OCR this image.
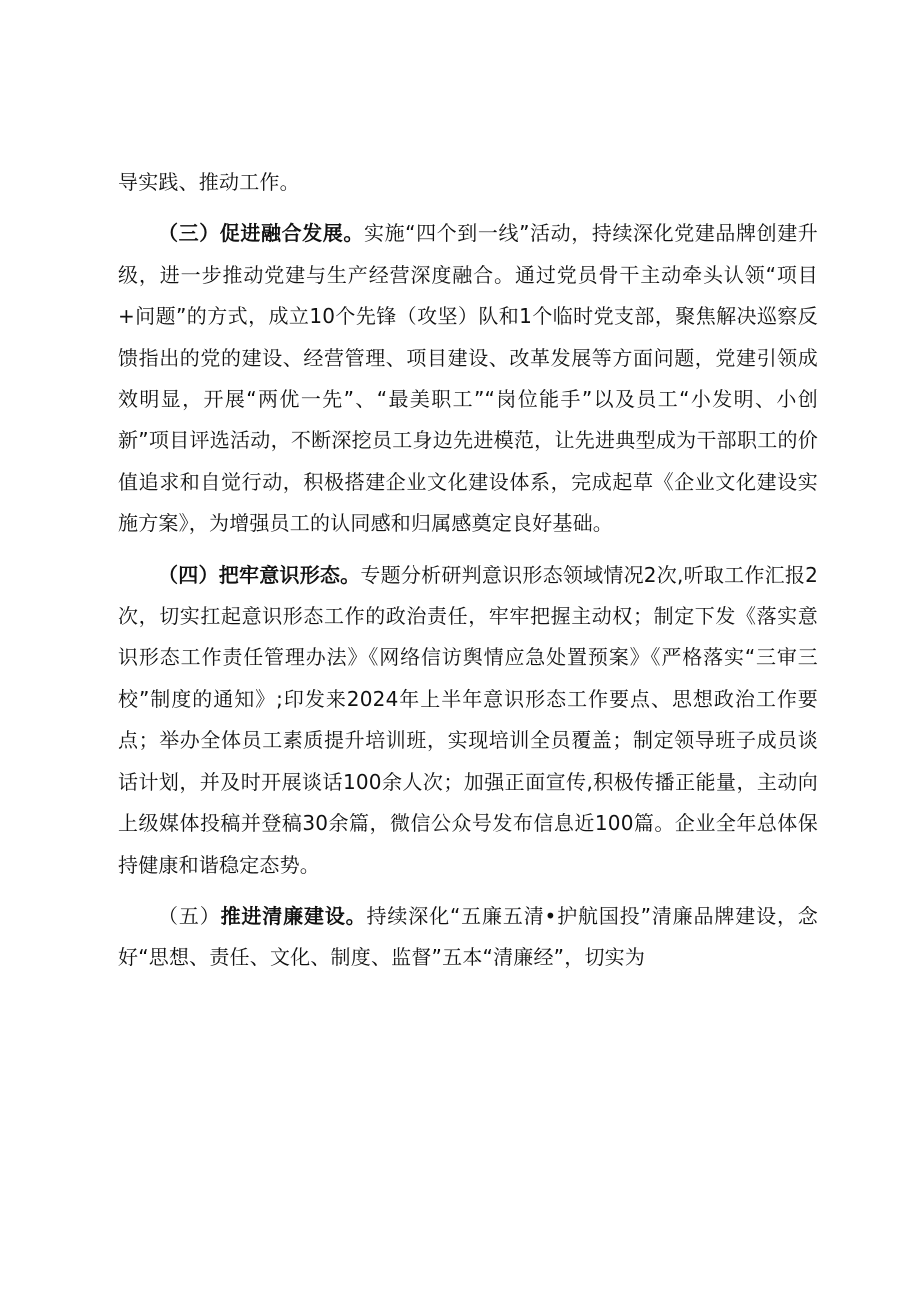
导实践、推动工作。

（三）促进融合发展。实施“四个到一线”活动，持续深化党建品牌创建升级，进一步推动党建与生产经营深度融合。通过党员骨干主动牵头认领“项目+问题”的方式，成立10个先锋（攻坚）队和1个临时党支部，聚焦解决巡察反馈指出的党的建设、经营管理、项目建设、改革发展等方面问题，党建引领成效明显，开展“两优一先”、“最美职工”“岗位能手”以及员工“小发明、小创新”项目评选活动，不断深挖员工身边先进模范，让先进典型成为干部职工的价值追求和自觉行动，积极搭建企业文化建设体系，完成起草《企业文化建设实施方案》，为增强员工的认同感和归属感奠定良好基础。

（四）把牢意识形态。专题分析研判意识形态领域情况2次,听取工作汇报2次，切实扛起意识形态工作的政治责任，牢牢把握主动权；制定下发《落实意识形态工作责任管理办法》《网络信访舆情应急处置预案》《严格落实“三审三校”制度的通知》;印发来2024年上半年意识形态工作要点、思想政治工作要点；举办全体员工素质提升培训班，实现培训全员覆盖；制定领导班子成员谈话计划，并及时开展谈话100余人次；加强正面宣传,积极传播正能量，主动向上级媒体投稿并登稿30余篇，微信公众号发布信息近100篇。企业全年总体保持健康和谐稳定态势。

（五）推进清廉建设。持续深化“五廉五清•护航国投”清廉品牌建设，念好“思想、责任、文化、制度、监督”五本“清廉经”，切实为
